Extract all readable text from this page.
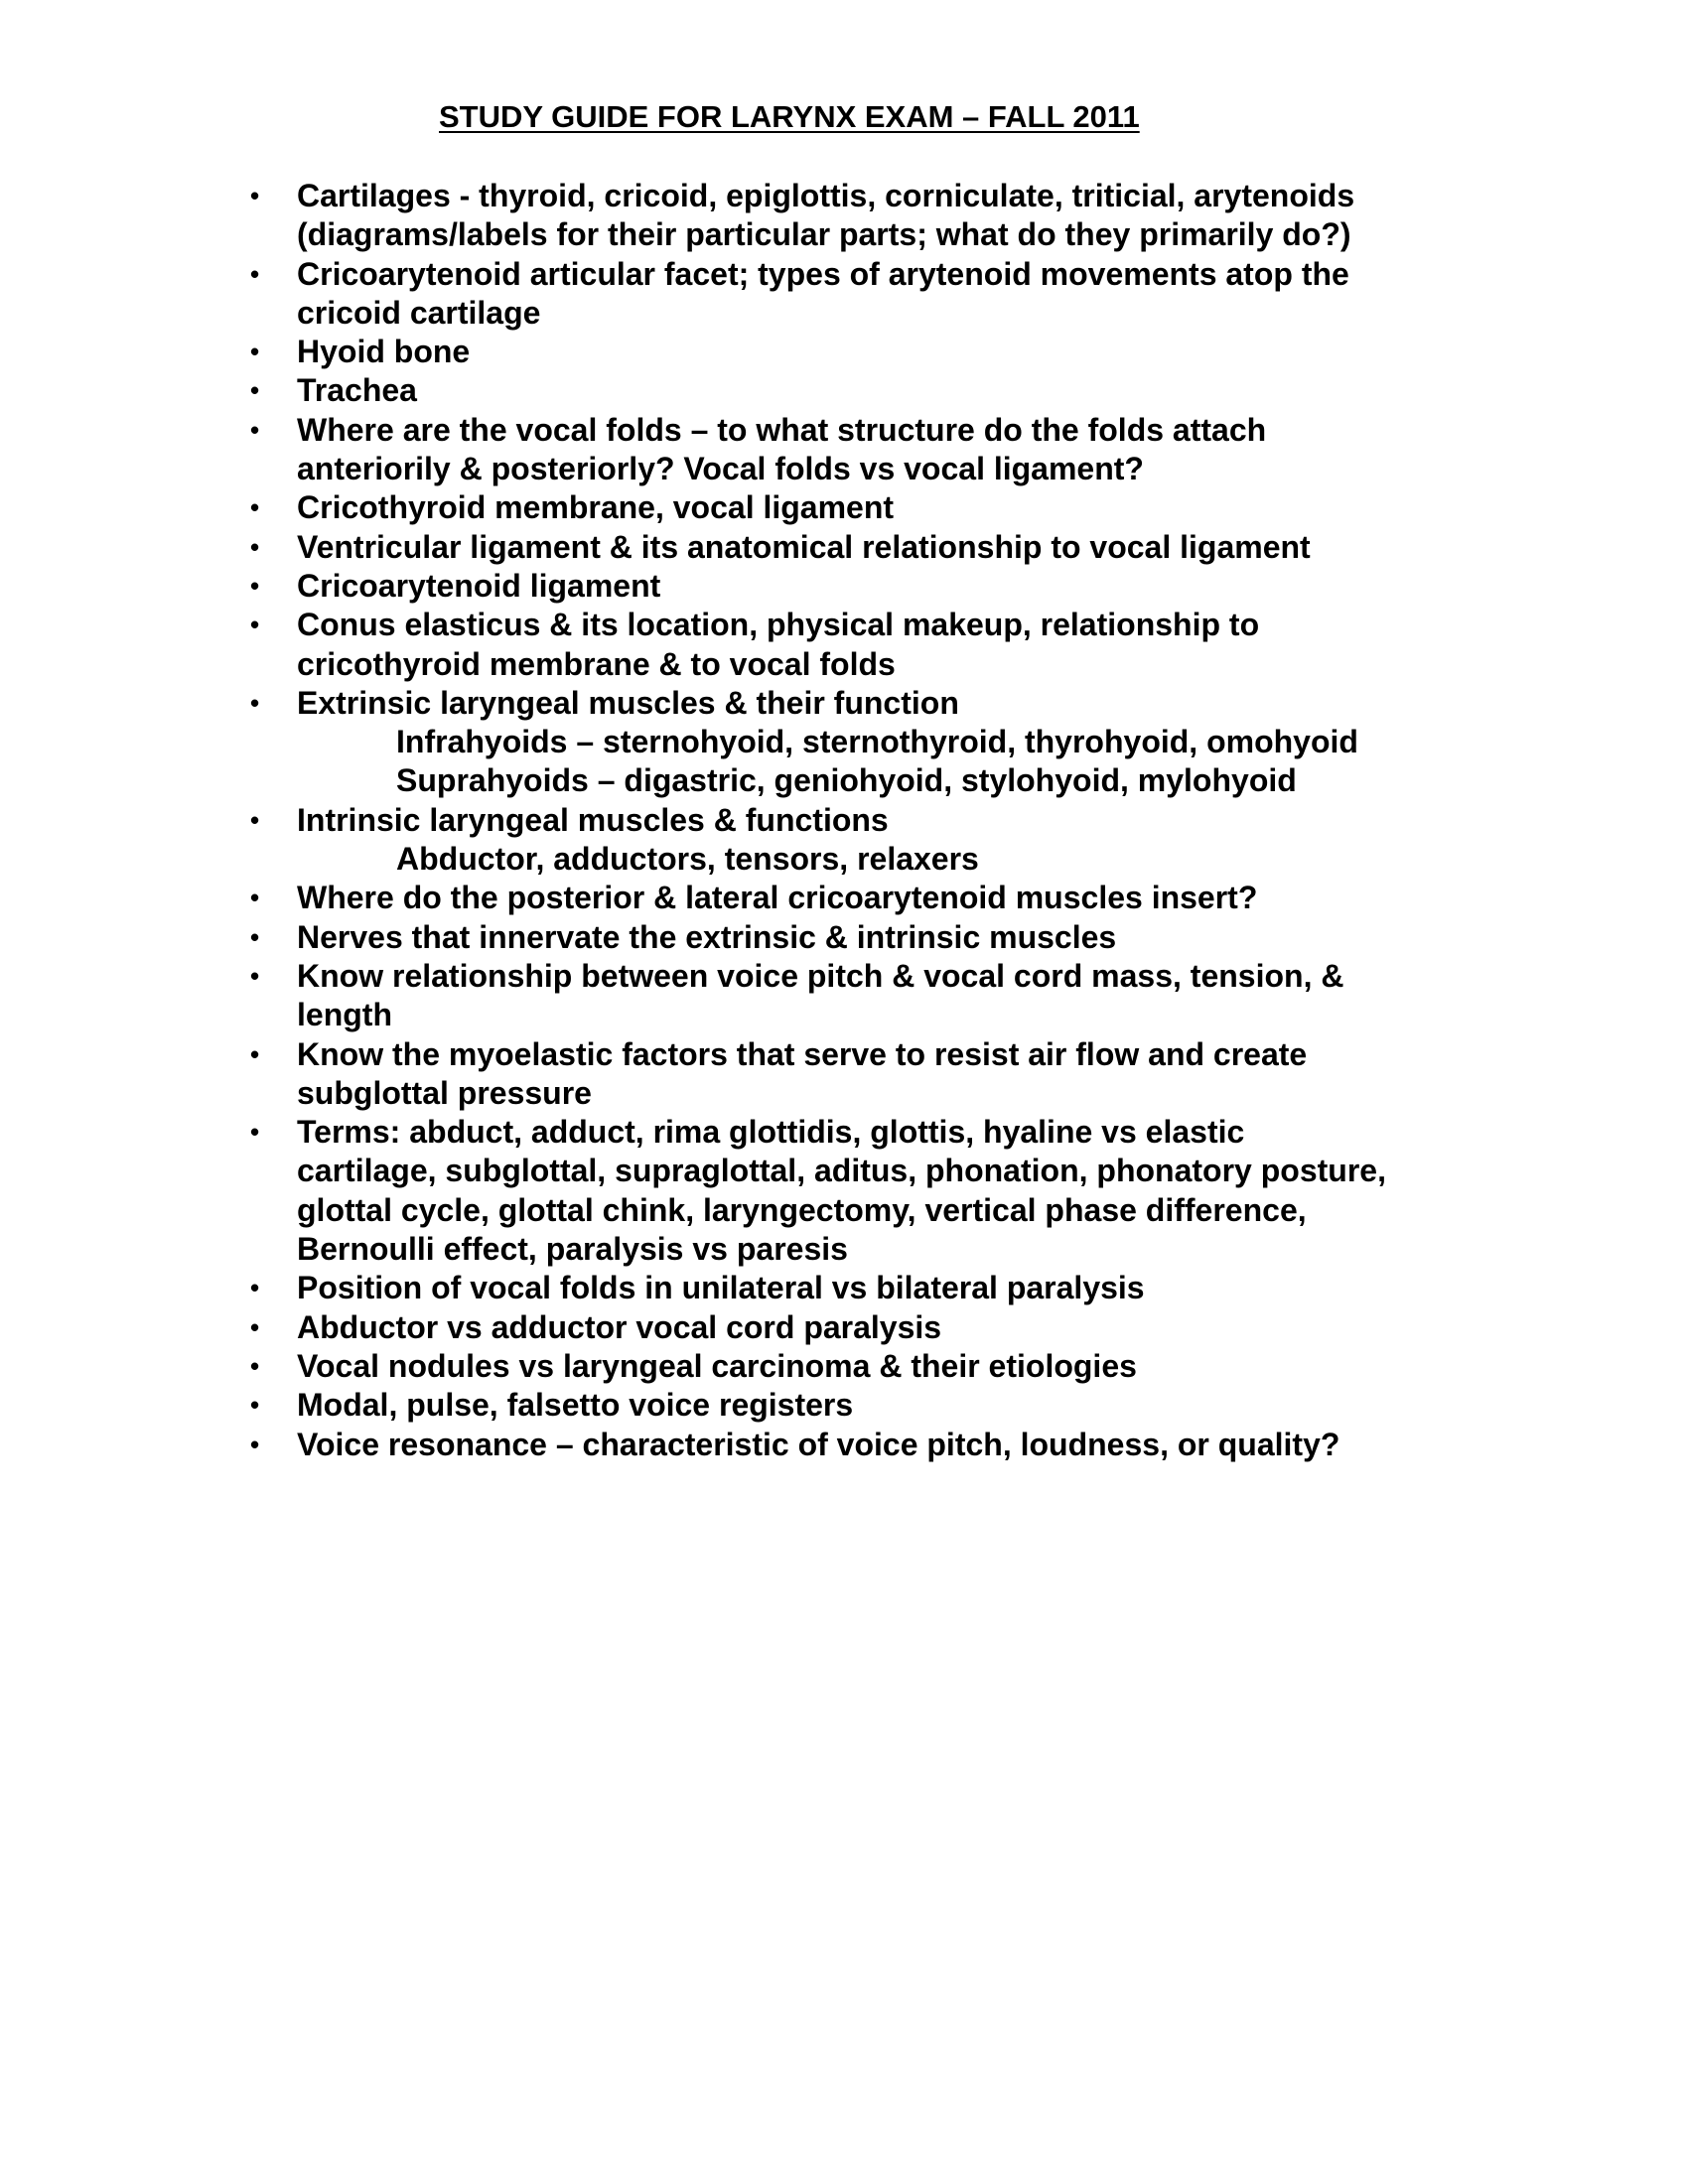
STUDY GUIDE FOR LARYNX EXAM – FALL 2011
• Cartilages - thyroid, cricoid, epiglottis, corniculate, triticial, arytenoids
(diagrams/labels for their particular parts; what do they primarily do?)
• Cricoarytenoid articular facet; types of arytenoid movements atop the
cricoid cartilage
• Hyoid bone
• Trachea
• Where are the vocal folds – to what structure do the folds attach
anteriorily & posteriorly? Vocal folds vs vocal ligament?
• Cricothyroid membrane, vocal ligament
• Ventricular ligament & its anatomical relationship to vocal ligament
• Cricoarytenoid ligament
• Conus elasticus & its location, physical makeup, relationship to
cricothyroid membrane & to vocal folds
• Extrinsic laryngeal muscles & their function
Infrahyoids – sternohyoid, sternothyroid, thyrohyoid, omohyoid
Suprahyoids – digastric, geniohyoid, stylohyoid, mylohyoid
• Intrinsic laryngeal muscles & functions
Abductor, adductors, tensors, relaxers
• Where do the posterior & lateral cricoarytenoid muscles insert?
• Nerves that innervate the extrinsic & intrinsic muscles
• Know relationship between voice pitch & vocal cord mass, tension, &
length
• Know the myoelastic factors that serve to resist air flow and create
subglottal pressure
• Terms: abduct, adduct, rima glottidis, glottis, hyaline vs elastic
cartilage, subglottal, supraglottal, aditus, phonation, phonatory posture,
glottal cycle, glottal chink, laryngectomy, vertical phase difference,
Bernoulli effect, paralysis vs paresis
• Position of vocal folds in unilateral vs bilateral paralysis
• Abductor vs adductor vocal cord paralysis
• Vocal nodules vs laryngeal carcinoma & their etiologies
• Modal, pulse, falsetto voice registers
• Voice resonance – characteristic of voice pitch, loudness, or quality?
